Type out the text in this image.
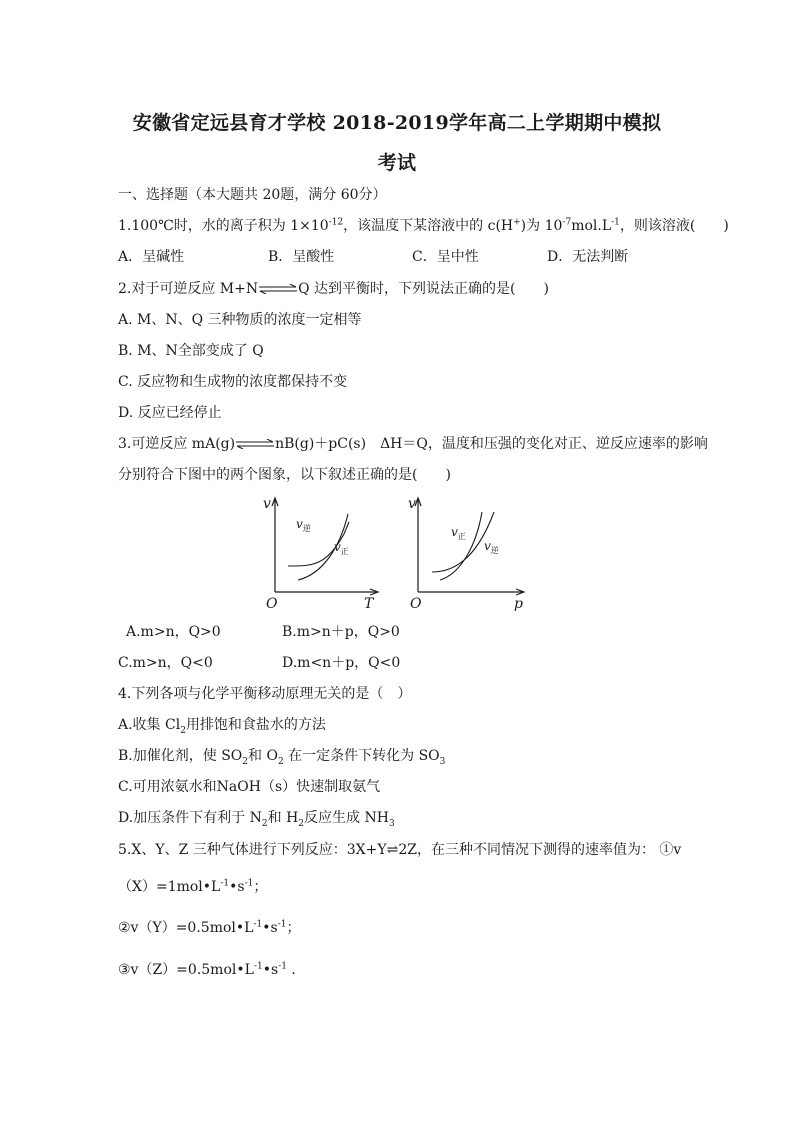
安徽省定远县育才学校 2018-2019学年高二上学期期中模拟
考试
一、选择题（本大题共 20题，满分 60分）
1.100℃时，水的离子积为 $1\times 10^{-12}$，该温度下某溶液中的 c(H+)为 $10^{-7}mol.L^{-1}$，则该溶液(　　)
A．呈碱性	B．呈酸性	C．呈中性	D．无法判断
2.对于可逆反应 M+N⇌Q 达到平衡时，下列说法正确的是(　　)
A. M、N、Q 三种物质的浓度一定相等
B. M、N全部变成了 Q
C. 反应物和生成物的浓度都保持不变
D. 反应已经停止
3.可逆反应 mA(g)⇌nB(g)＋pC(s)　ΔH＝Q，温度和压强的变化对正、逆反应速率的影响
分别符合下图中的两个图象，以下叙述正确的是(　　)
v
T
O
$v_逆$
$v_正$
v
p
O
$v_正$
$v_逆$
A.m>n，Q>0	B.m>n＋p，Q>0
C.m>n，Q<0	D.m<n＋p，Q<0
4.下列各项与化学平衡移动原理无关的是（　）
A.收集 $Cl_2$用排饱和食盐水的方法
B.加催化剂，使 $SO_2$和 $O_2$ 在一定条件下转化为 $SO_3$
C.可用浓氨水和NaOH（s）快速制取氨气
D.加压条件下有利于 $N_2$和 $H_2$反应生成 $NH_3$
5.X、Y、Z 三种气体进行下列反应：3X+Y⇌2Z，在三种不同情况下测得的速率值为： ①v
$(X)=1mol•L^{-1}•s^{-1}$；
$②v(Y)=0.5mol•L^{-1}•s^{-1}$；
$③v(Z)=0.5mol•L^{-1}•s^{-1}$ ．
